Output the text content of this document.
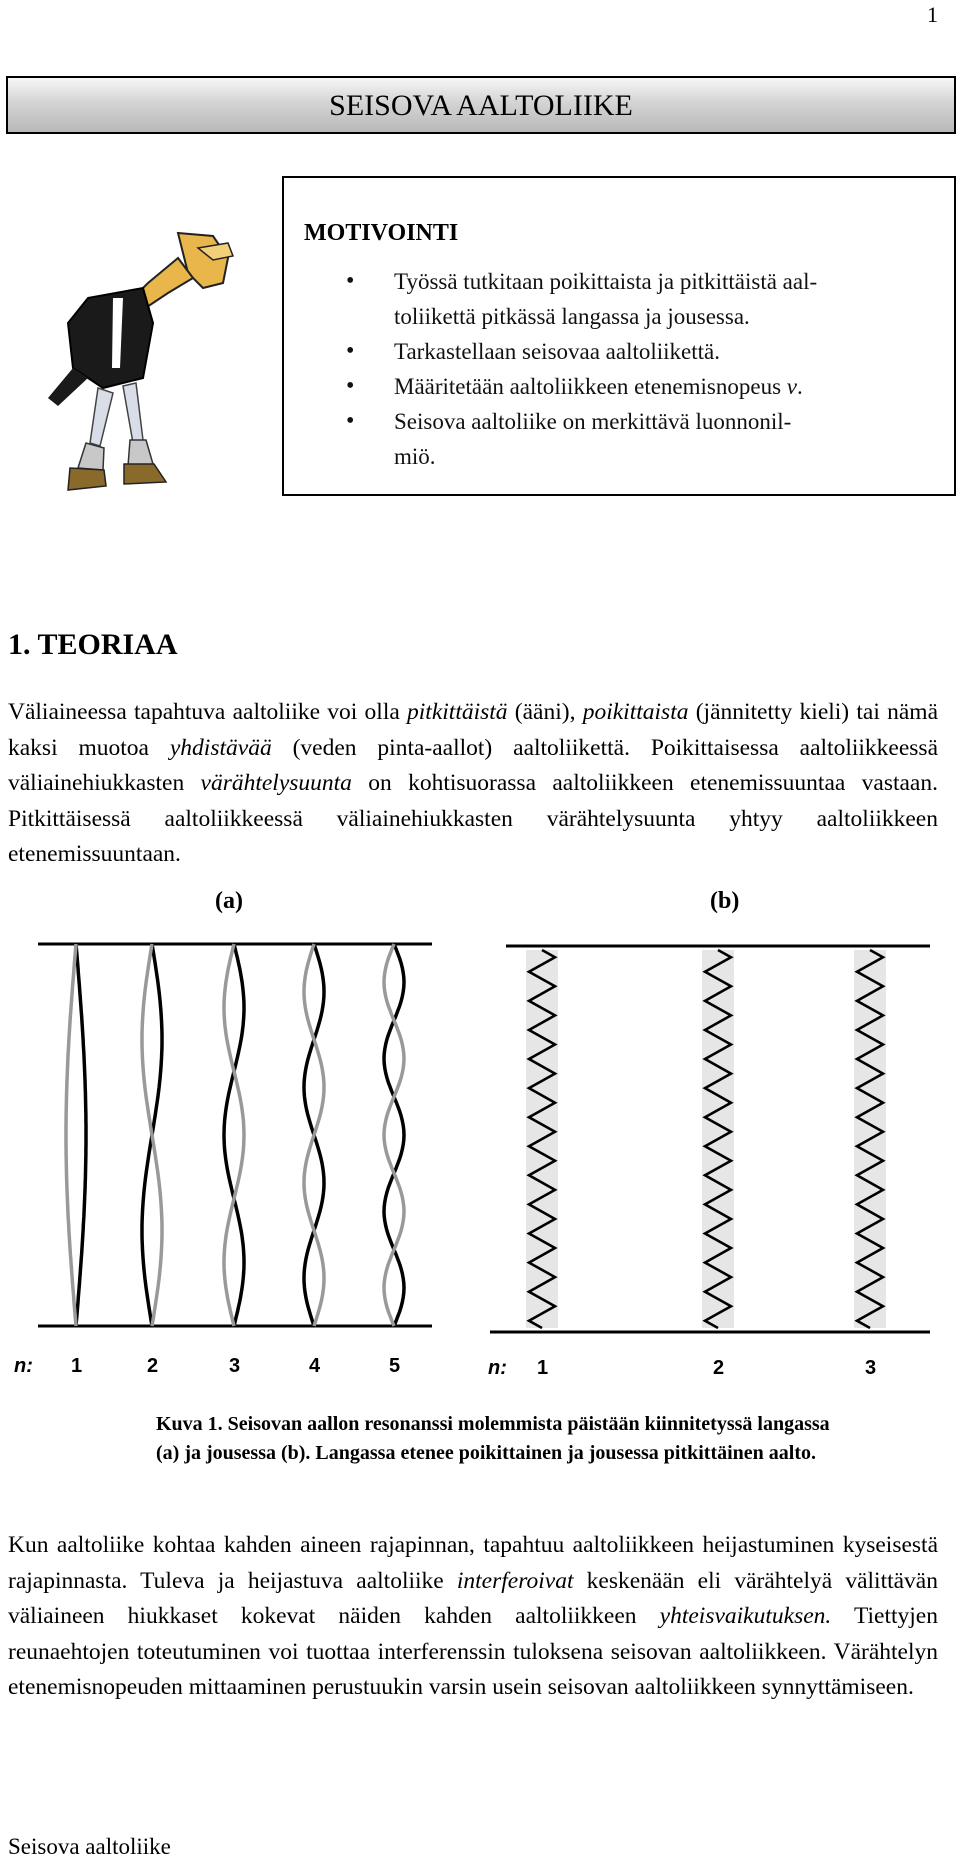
1
SEISOVA AALTOLIIKE
MOTIVOINTI
• Työssä tutkitaan poikittaista ja pitkittäistä aal-
toliikettä pitkässä langassa ja jousessa.
• Tarkastellaan seisovaa aaltoliikettä.
• Määritetään aaltoliikkeen etenemisnopeus v.
• Seisova aaltoliike on merkittävä luonnonil-
miö.
1. TEORIAA
Väliaineessa tapahtuva aaltoliike voi olla pitkittäistä (ääni), poikittaista (jännitetty kieli) tai nämä kaksi muotoa yhdistävää (veden pinta-aallot) aaltoliikettä. Poikittaisessa aaltoliikkeessä väliainehiukkasten värähtelysuunta on kohtisuorassa aaltoliikkeen etenemissuuntaa vastaan. Pitkittäisessä aaltoliikkeessä väliainehiukkasten värähtelysuunta yhtyy aaltoliikkeen etenemissuuntaan.
(a)	(b)
n:	n:
1	2	3	4	5	1	2	3
Kuva 1. Seisovan aallon resonanssi molemmista päistään kiinnitetyssä langassa (a) ja jousessa (b). Langassa etenee poikittainen ja jousessa pitkittäinen aalto.
Kun aaltoliike kohtaa kahden aineen rajapinnan, tapahtuu aaltoliikkeen heijastuminen kyseisestä rajapinnasta. Tuleva ja heijastuva aaltoliike interferoivat keskenään eli värähtelyä välittävän väliaineen hiukkaset kokevat näiden kahden aaltoliikkeen yhteisvaikutuksen. Tiettyjen reunaehtojen toteutuminen voi tuottaa interferenssin tuloksena seisovan aaltoliikkeen. Värähtelyn etenemisnopeuden mittaaminen perustuukin varsin usein seisovan aaltoliikkeen synnyttämiseen.
Seisova aaltoliike
